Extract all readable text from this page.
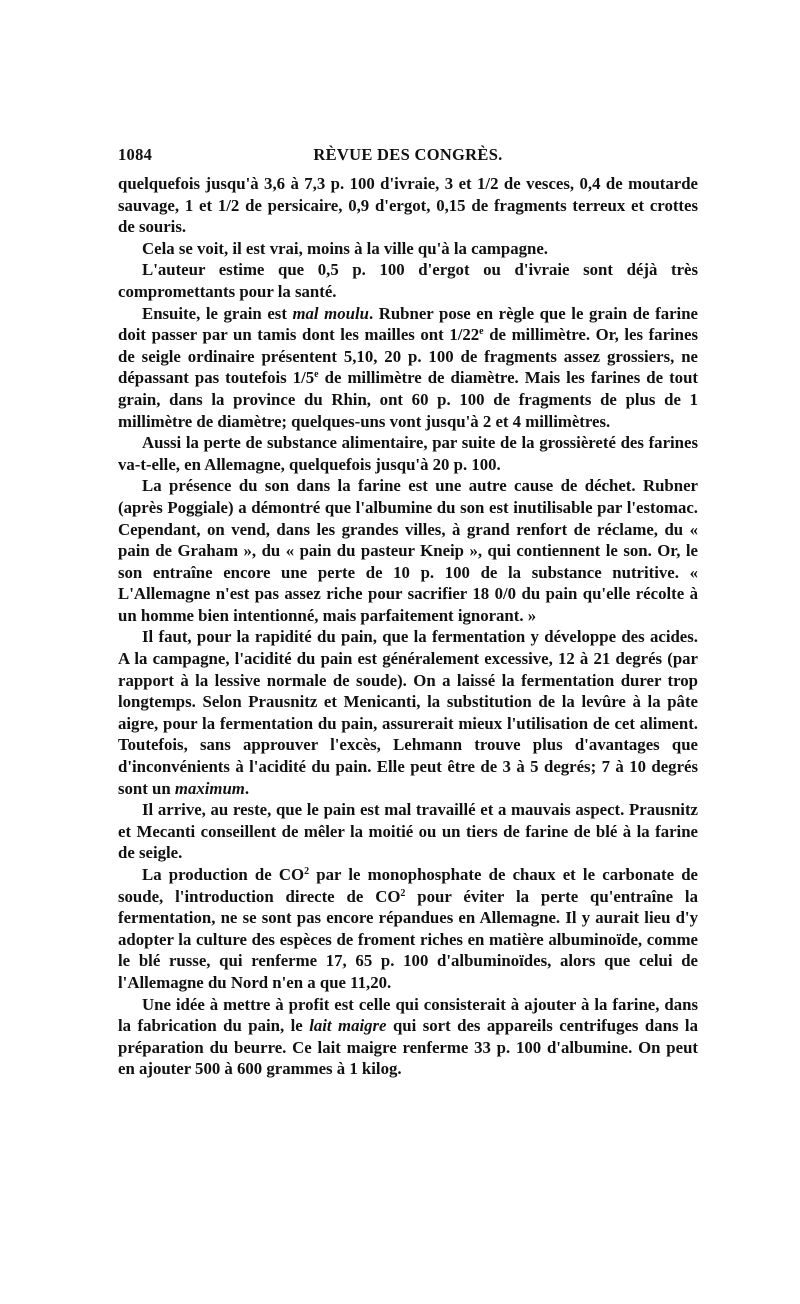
1084	RÈVUE DES CONGRÈS.

quelquefois jusqu'à 3,6 à 7,3 p. 100 d'ivraie, 3 et 1/2 de vesces, 0,4 de moutarde sauvage, 1 et 1/2 de persicaire, 0,9 d'ergot, 0,15 de fragments terreux et crottes de souris.

Cela se voit, il est vrai, moins à la ville qu'à la campagne.

L'auteur estime que 0,5 p. 100 d'ergot ou d'ivraie sont déjà très compromettants pour la santé.

Ensuite, le grain est mal moulu. Rubner pose en règle que le grain de farine doit passer par un tamis dont les mailles ont 1/22e de millimètre. Or, les farines de seigle ordinaire présentent 5,10, 20 p. 100 de fragments assez grossiers, ne dépassant pas toutefois 1/5e de millimètre de diamètre. Mais les farines de tout grain, dans la province du Rhin, ont 60 p. 100 de fragments de plus de 1 millimètre de diamètre; quelques-uns vont jusqu'à 2 et 4 millimètres.

Aussi la perte de substance alimentaire, par suite de la grossièreté des farines va-t-elle, en Allemagne, quelquefois jusqu'à 20 p. 100.

La présence du son dans la farine est une autre cause de déchet. Rubner (après Poggiale) a démontré que l'albumine du son est inutilisable par l'estomac. Cependant, on vend, dans les grandes villes, à grand renfort de réclame, du « pain de Graham », du « pain du pasteur Kneip », qui contiennent le son. Or, le son entraîne encore une perte de 10 p. 100 de la substance nutritive. « L'Allemagne n'est pas assez riche pour sacrifier 18 0/0 du pain qu'elle récolte à un homme bien intentionné, mais parfaitement ignorant. »

Il faut, pour la rapidité du pain, que la fermentation y développe des acides. A la campagne, l'acidité du pain est généralement excessive, 12 à 21 degrés (par rapport à la lessive normale de soude). On a laissé la fermentation durer trop longtemps. Selon Prausnitz et Menicanti, la substitution de la levûre à la pâte aigre, pour la fermentation du pain, assurerait mieux l'utilisation de cet aliment. Toutefois, sans approuver l'excès, Lehmann trouve plus d'avantages que d'inconvénients à l'acidité du pain. Elle peut être de 3 à 5 degrés; 7 à 10 degrés sont un maximum.

Il arrive, au reste, que le pain est mal travaillé et a mauvais aspect. Prausnitz et Mecanti conseillent de mêler la moitié ou un tiers de farine de blé à la farine de seigle.

La production de $CO^2$ par le monophosphate de chaux et le carbonate de soude, l'introduction directe de $CO^2$ pour éviter la perte qu'entraîne la fermentation, ne se sont pas encore répandues en Allemagne. Il y aurait lieu d'y adopter la culture des espèces de froment riches en matière albuminoïde, comme le blé russe, qui renferme 17, 65 p. 100 d'albuminoïdes, alors que celui de l'Allemagne du Nord n'en a que 11,20.

Une idée à mettre à profit est celle qui consisterait à ajouter à la farine, dans la fabrication du pain, le lait maigre qui sort des appareils centrifuges dans la préparation du beurre. Ce lait maigre renferme 33 p. 100 d'albumine. On peut en ajouter 500 à 600 grammes à 1 kilog.
